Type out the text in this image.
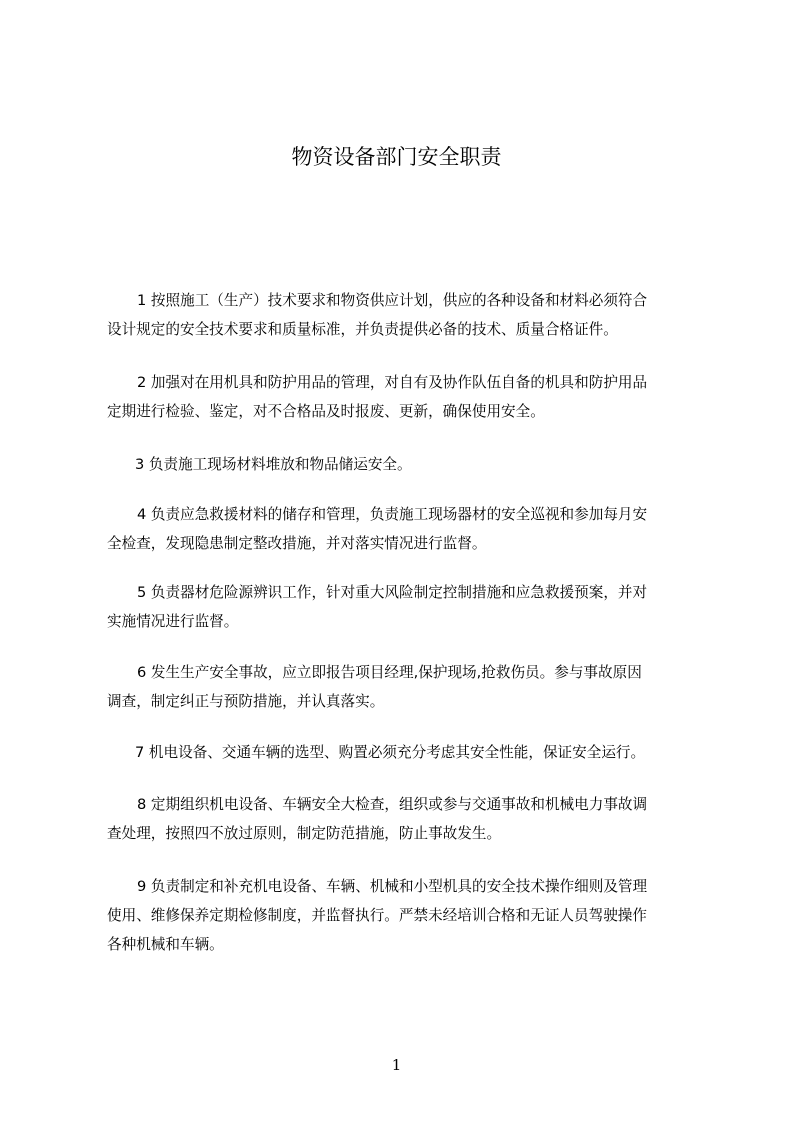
物资设备部门安全职责

1 按照施工（生产）技术要求和物资供应计划，供应的各种设备和材料必须符合
设计规定的安全技术要求和质量标准，并负责提供必备的技术、质量合格证件。

2 加强对在用机具和防护用品的管理，对自有及协作队伍自备的机具和防护用品
定期进行检验、鉴定，对不合格品及时报废、更新，确保使用安全。

3 负责施工现场材料堆放和物品储运安全。

4 负责应急救援材料的储存和管理，负责施工现场器材的安全巡视和参加每月安
全检查，发现隐患制定整改措施，并对落实情况进行监督。

5 负责器材危险源辨识工作，针对重大风险制定控制措施和应急救援预案，并对
实施情况进行监督。

6 发生生产安全事故，应立即报告项目经理,保护现场,抢救伤员。参与事故原因
调查，制定纠正与预防措施，并认真落实。

7 机电设备、交通车辆的选型、购置必须充分考虑其安全性能，保证安全运行。

8 定期组织机电设备、车辆安全大检查，组织或参与交通事故和机械电力事故调
查处理，按照四不放过原则，制定防范措施，防止事故发生。

9 负责制定和补充机电设备、车辆、机械和小型机具的安全技术操作细则及管理
使用、维修保养定期检修制度，并监督执行。严禁未经培训合格和无证人员驾驶操作
各种机械和车辆。

1
